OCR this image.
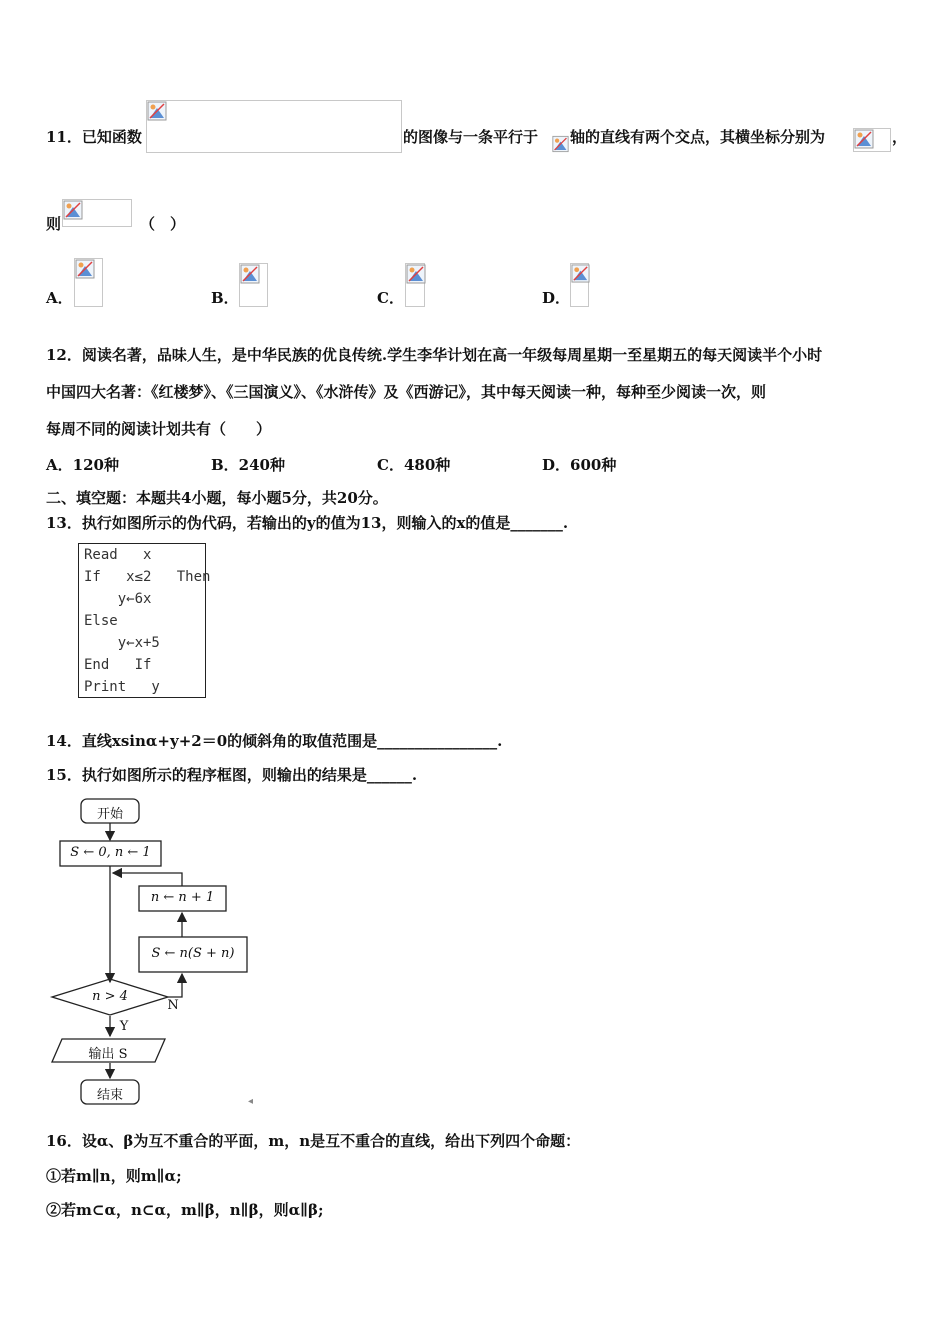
11．已知函数	的图像与一条平行于 轴的直线有两个交点，其横坐标分别为	，
则	（　）
A．	B．	C．	D．
12．阅读名著，品味人生，是中华民族的优良传统.学生李华计划在高一年级每周星期一至星期五的每天阅读半个小时
中国四大名著：《红楼梦》、《三国演义》、《水浒传》及《西游记》，其中每天阅读一种，每种至少阅读一次，则
每周不同的阅读计划共有（　　）
A．120种	B．240种	C．480种	D．600种
二、填空题：本题共4小题，每小题5分，共20分。
13．执行如图所示的伪代码，若输出的y的值为13，则输入的x的值是_______.
Read   x
If   x≤2   Then
y←6x
Else
y←x+5
End   If
Print   y
14．直线xsinα+y+2＝0的倾斜角的取值范围是________________.
15．执行如图所示的程序框图，则输出的结果是______.
开始
S ← 0, n ← 1
n ← n + 1
S ← n(S + n)
n > 4
N
Y
输出 S
结束	◂
16．设α、β为互不重合的平面，m，n是互不重合的直线，给出下列四个命题：
①若m∥n，则m∥α;
②若m⊂α，n⊂α，m∥β，n∥β，则α∥β;
